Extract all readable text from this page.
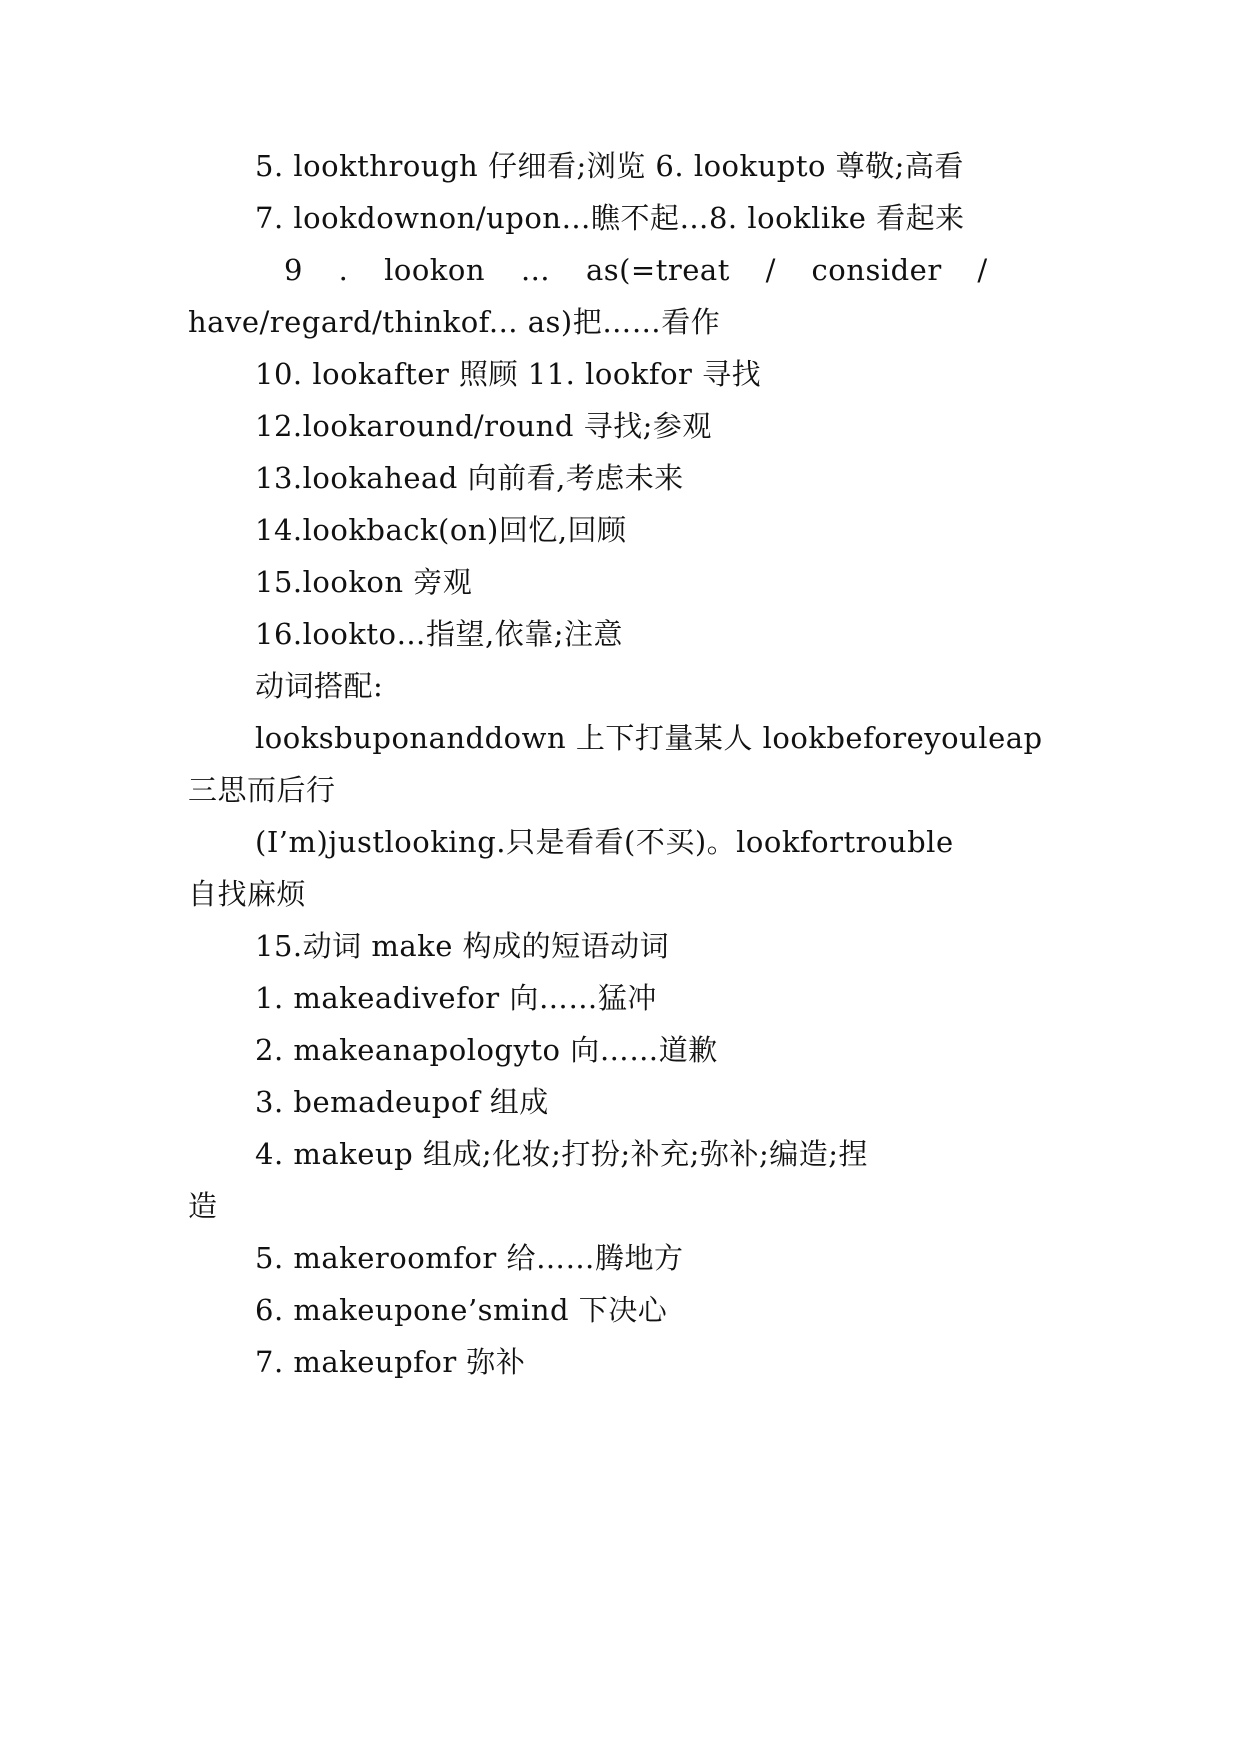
5. lookthrough 仔细看;浏览 6. lookupto 尊敬;高看
7. lookdownon/upon…瞧不起…8. looklike 看起来
9 . lookon … as(=treat / consider /
have/regard/thinkof... as)把……看作
10. lookafter 照顾 11. lookfor 寻找
12.lookaround/round 寻找;参观
13.lookahead 向前看,考虑未来
14.lookback(on)回忆,回顾
15.lookon 旁观
16.lookto…指望,依靠;注意
动词搭配:
looksbuponanddown 上下打量某人 lookbeforeyouleap
三思而后行
(I’m)justlooking.只是看看(不买)。lookfortrouble
自找麻烦
15.动词 make 构成的短语动词
1. makeadivefor 向……猛冲
2. makeanapologyto 向……道歉
3. bemadeupof 组成
4. makeup 组成;化妆;打扮;补充;弥补;编造;捏
造
5. makeroomfor 给……腾地方
6. makeupone’smind 下决心
7. makeupfor 弥补
